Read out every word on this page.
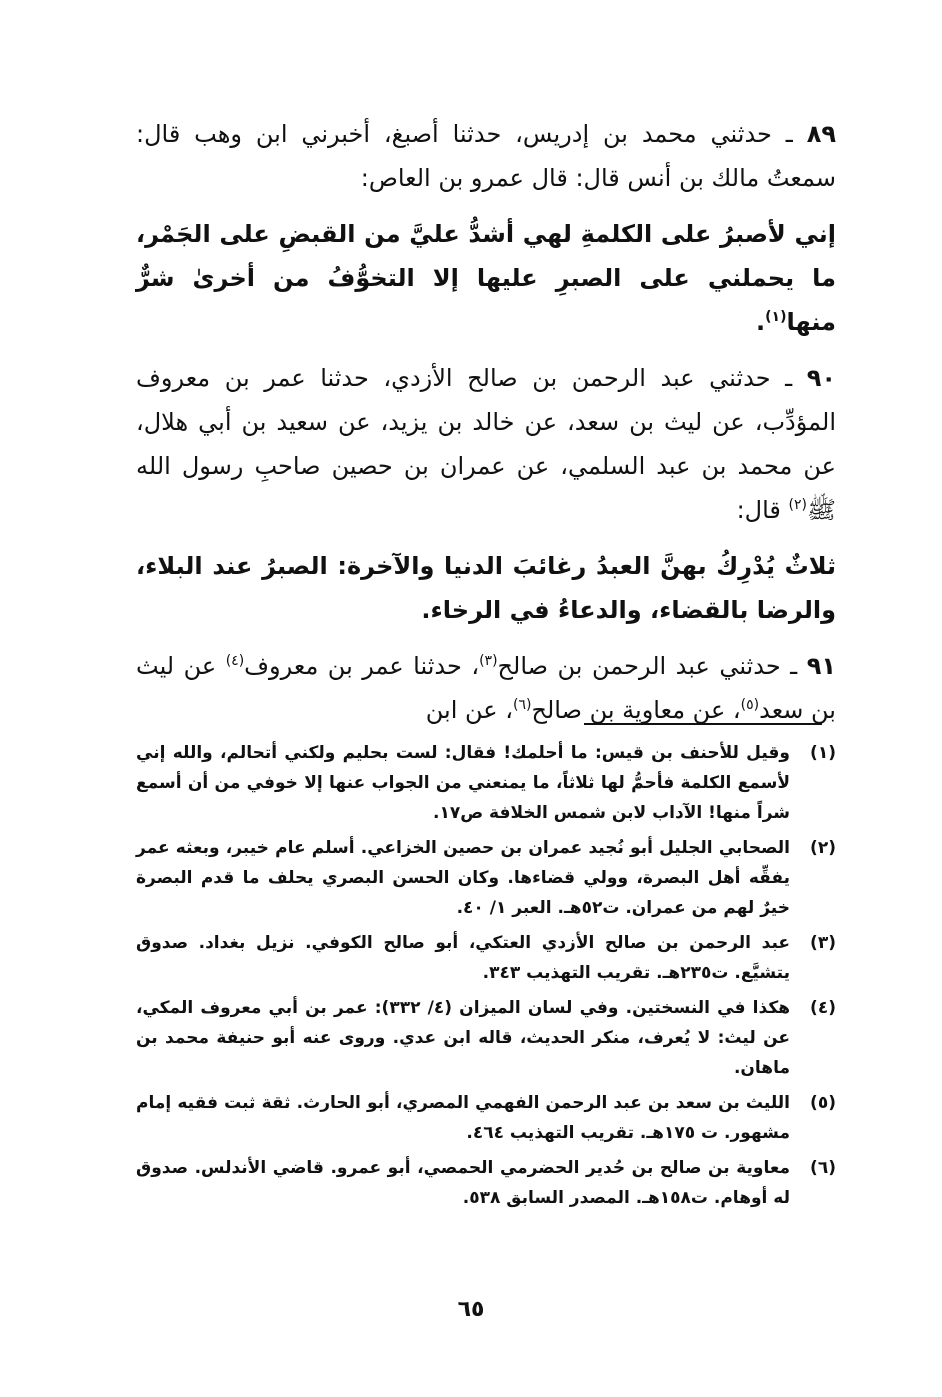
٨٩ ـ حدثني محمد بن إدريس، حدثنا أصبغ، أخبرني ابن وهب قال: سمعتُ مالك بن أنس قال: قال عمرو بن العاص:

إني لأصبرُ على الكلمةِ لهي أشدُّ عليَّ من القبضِ على الجَمْر، ما يحملني على الصبرِ عليها إلا التخوُّفُ من أخرىٰ شرٌّ منها$^{(١)}$.

٩٠ ـ حدثني عبد الرحمن بن صالح الأزدي، حدثنا عمر بن معروف المؤدِّب، عن ليث بن سعد، عن خالد بن يزيد، عن سعيد بن أبي هلال، عن محمد بن عبد السلمي، عن عمران بن حصين صاحبِ رسول الله ﷺ$^{(٢)}$ قال:

ثلاثٌ يُدْرِكُ بهنَّ العبدُ رغائبَ الدنيا والآخرة: الصبرُ عند البلاء، والرضا بالقضاء، والدعاءُ في الرخاء.

٩١ ـ حدثني عبد الرحمن بن صالح$^{(٣)}$، حدثنا عمر بن معروف$^{(٤)}$ عن ليث بن سعد$^{(٥)}$، عن معاوية بن صالح$^{(٦)}$، عن ابن

(١)
وقيل للأحنف بن قيس: ما أحلمك! فقال: لست بحليم ولكني أتحالم، والله إني لأسمع الكلمة فأحمُّ لها ثلاثاً، ما يمنعني من الجواب عنها إلا خوفي من أن أسمع شراً منها! الآداب لابن شمس الخلافة ص١٧.
(٢)
الصحابي الجليل أبو نُجيد عمران بن حصين الخزاعي. أسلم عام خيبر، وبعثه عمر يفقِّه أهل البصرة، وولي قضاءها. وكان الحسن البصري يحلف ما قدم البصرة خيرٌ لهم من عمران. ت٥٢هـ. العبر ١/ ٤٠.
(٣)
عبد الرحمن بن صالح الأزدي العتكي، أبو صالح الكوفي. نزيل بغداد. صدوق يتشيَّع. ت٢٣٥هـ. تقريب التهذيب ٣٤٣.
(٤)
هكذا في النسختين. وفي لسان الميزان (٤/ ٣٣٢): عمر بن أبي معروف المكي، عن ليث: لا يُعرف، منكر الحديث، قاله ابن عدي. وروى عنه أبو حنيفة محمد بن ماهان.
(٥)
الليث بن سعد بن عبد الرحمن الفهمي المصري، أبو الحارث. ثقة ثبت فقيه إمام مشهور. ت ١٧٥هـ. تقريب التهذيب ٤٦٤.
(٦)
معاوية بن صالح بن حُدير الحضرمي الحمصي، أبو عمرو. قاضي الأندلس. صدوق له أوهام. ت١٥٨هـ. المصدر السابق ٥٣٨.
٦٥
